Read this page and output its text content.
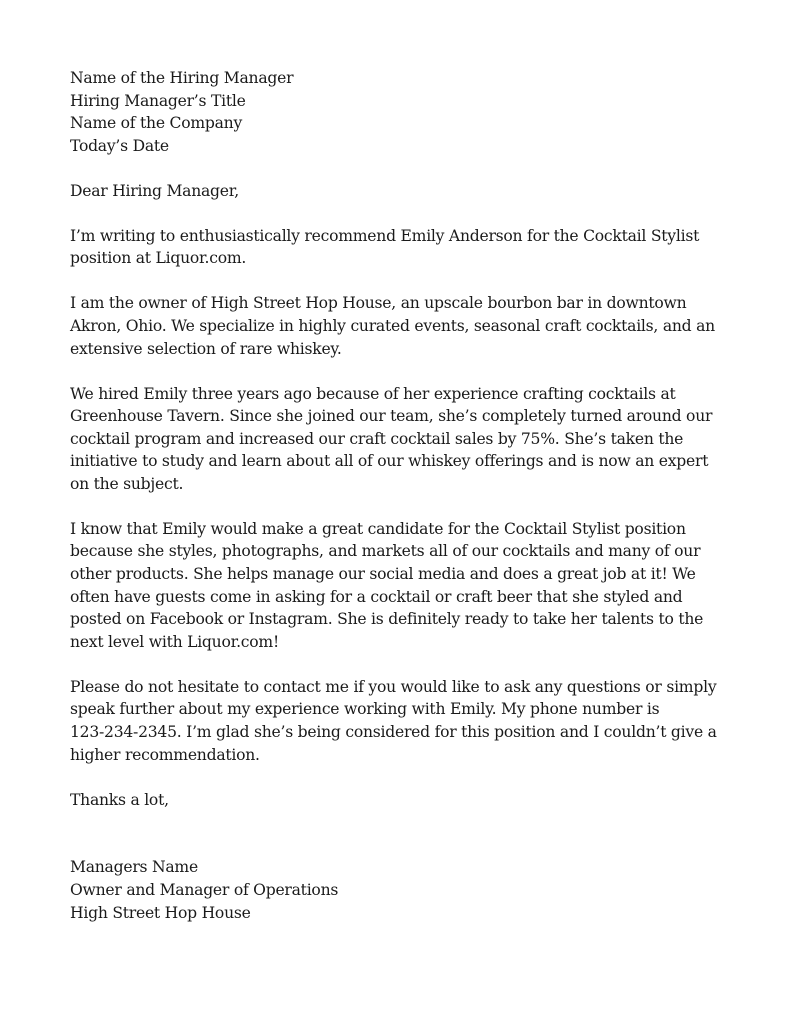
Name of the Hiring Manager
Hiring Manager’s Title
Name of the Company
Today’s Date
Dear Hiring Manager,

I’m writing to enthusiastically recommend Emily Anderson for the Cocktail Stylist
position at Liquor.com.

I am the owner of High Street Hop House, an upscale bourbon bar in downtown
Akron, Ohio. We specialize in highly curated events, seasonal craft cocktails, and an
extensive selection of rare whiskey.

We hired Emily three years ago because of her experience crafting cocktails at
Greenhouse Tavern. Since she joined our team, she’s completely turned around our
cocktail program and increased our craft cocktail sales by 75%. She’s taken the
initiative to study and learn about all of our whiskey offerings and is now an expert
on the subject.

I know that Emily would make a great candidate for the Cocktail Stylist position
because she styles, photographs, and markets all of our cocktails and many of our
other products. She helps manage our social media and does a great job at it! We
often have guests come in asking for a cocktail or craft beer that she styled and
posted on Facebook or Instagram. She is definitely ready to take her talents to the
next level with Liquor.com!

Please do not hesitate to contact me if you would like to ask any questions or simply
speak further about my experience working with Emily. My phone number is
123-234-2345. I’m glad she’s being considered for this position and I couldn’t give a
higher recommendation.

Thanks a lot,
Managers Name
Owner and Manager of Operations
High Street Hop House
